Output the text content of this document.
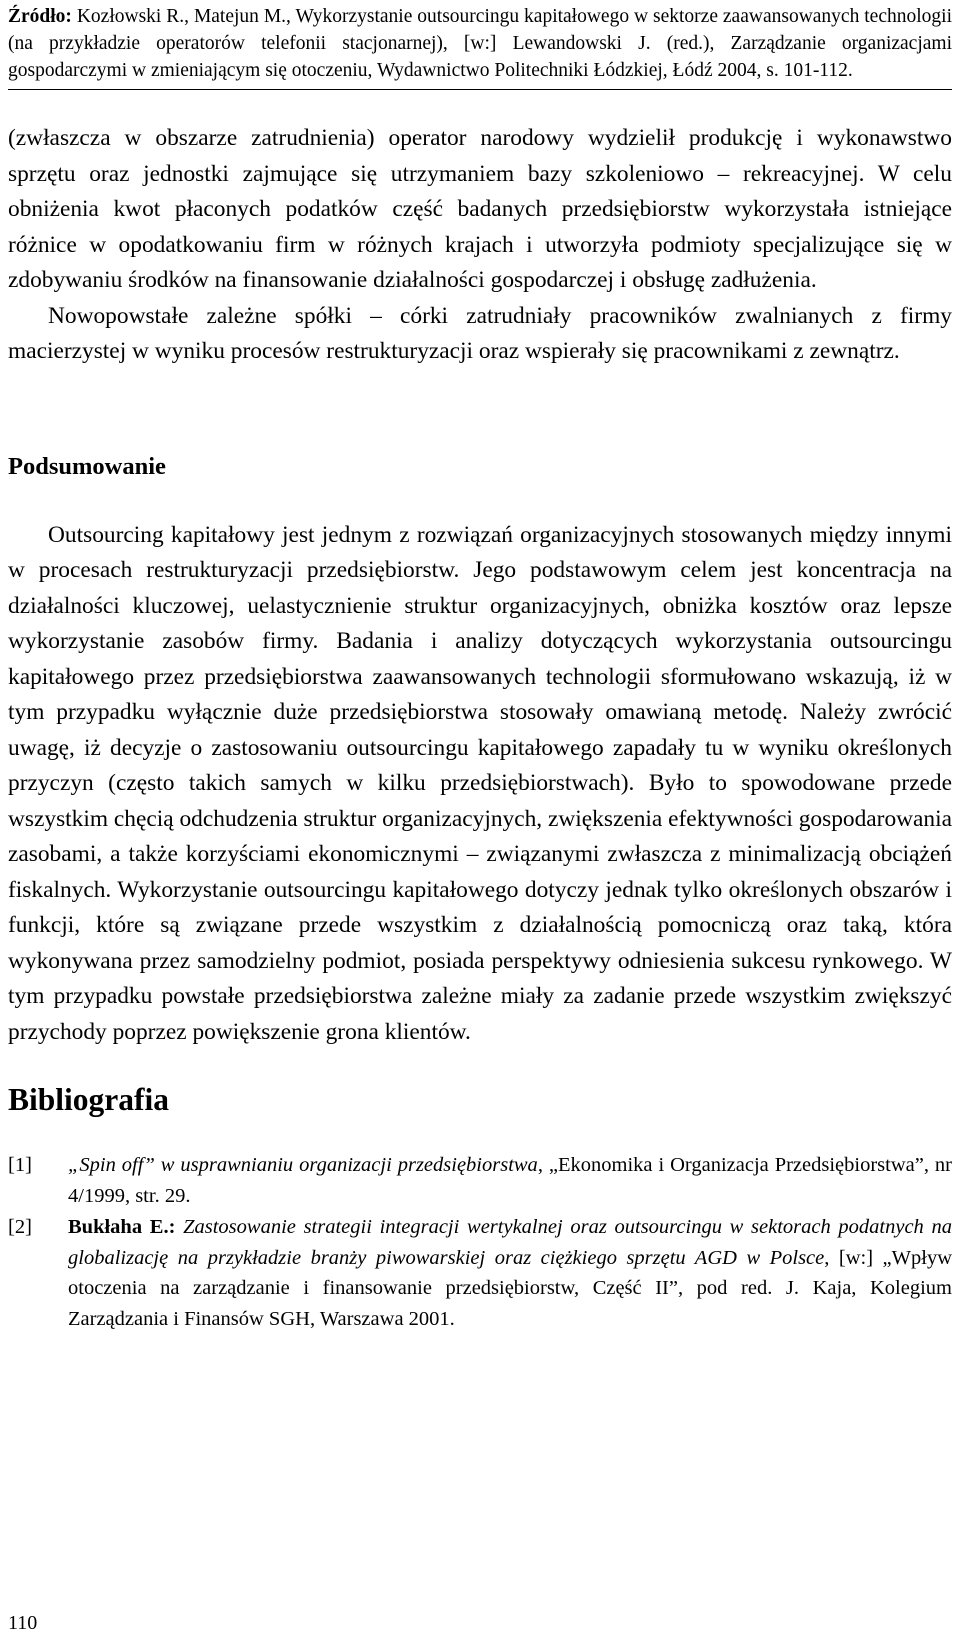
Źródło: Kozłowski R., Matejun M., Wykorzystanie outsourcingu kapitałowego w sektorze zaawansowanych technologii (na przykładzie operatorów telefonii stacjonarnej), [w:] Lewandowski J. (red.), Zarządzanie organizacjami gospodarczymi w zmieniającym się otoczeniu, Wydawnictwo Politechniki Łódzkiej, Łódź 2004, s. 101-112.

(zwłaszcza w obszarze zatrudnienia) operator narodowy wydzielił produkcję i wykonawstwo sprzętu oraz jednostki zajmujące się utrzymaniem bazy szkoleniowo – rekreacyjnej. W celu obniżenia kwot płaconych podatków część badanych przedsiębiorstw wykorzystała istniejące różnice w opodatkowaniu firm w różnych krajach i utworzyła podmioty specjalizujące się w zdobywaniu środków na finansowanie działalności gospodarczej i obsługę zadłużenia.

Nowopowstałe zależne spółki – córki zatrudniały pracowników zwalnianych z firmy macierzystej w wyniku procesów restrukturyzacji oraz wspierały się pracownikami z zewnątrz.

Podsumowanie

Outsourcing kapitałowy jest jednym z rozwiązań organizacyjnych stosowanych między innymi w procesach restrukturyzacji przedsiębiorstw. Jego podstawowym celem jest koncentracja na działalności kluczowej, uelastycznienie struktur organizacyjnych, obniżka kosztów oraz lepsze wykorzystanie zasobów firmy. Badania i analizy dotyczących wykorzystania outsourcingu kapitałowego przez przedsiębiorstwa zaawansowanych technologii sformułowano wskazują, iż w tym przypadku wyłącznie duże przedsiębiorstwa stosowały omawianą metodę. Należy zwrócić uwagę, iż decyzje o zastosowaniu outsourcingu kapitałowego zapadały tu w wyniku określonych przyczyn (często takich samych w kilku przedsiębiorstwach). Było to spowodowane przede wszystkim chęcią odchudzenia struktur organizacyjnych, zwiększenia efektywności gospodarowania zasobami, a także korzyściami ekonomicznymi – związanymi zwłaszcza z minimalizacją obciążeń fiskalnych. Wykorzystanie outsourcingu kapitałowego dotyczy jednak tylko określonych obszarów i funkcji, które są związane przede wszystkim z działalnością pomocniczą oraz taką, która wykonywana przez samodzielny podmiot, posiada perspektywy odniesienia sukcesu rynkowego. W tym przypadku powstałe przedsiębiorstwa zależne miały za zadanie przede wszystkim zwiększyć przychody poprzez powiększenie grona klientów.

Bibliografia
[1] „Spin off” w usprawnianiu organizacji przedsiębiorstwa, „Ekonomika i Organizacja Przedsiębiorstwa”, nr 4/1999, str. 29.
[2] Bukłaha E.: Zastosowanie strategii integracji wertykalnej oraz outsourcingu w sektorach podatnych na globalizację na przykładzie branży piwowarskiej oraz ciężkiego sprzętu AGD w Polsce, [w:] „Wpływ otoczenia na zarządzanie i finansowanie przedsiębiorstw, Część II”, pod red. J. Kaja, Kolegium Zarządzania i Finansów SGH, Warszawa 2001.
110
